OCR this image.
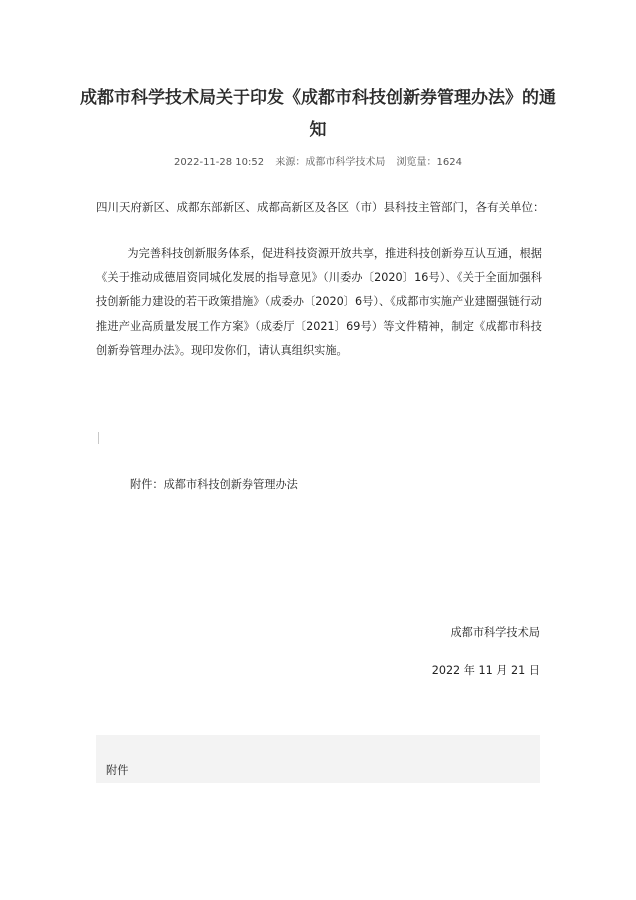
成都市科学技术局关于印发《成都市科技创新券管理办法》的通知
2022-11-28 10:52 来源：成都市科学技术局 浏览量：1624
四川天府新区、成都东部新区、成都高新区及各区（市）县科技主管部门，各有关单位：

为完善科技创新服务体系，促进科技资源开放共享，推进科技创新券互认互通，根据《关于推动成德眉资同城化发展的指导意见》（川委办〔2020〕16号）、《关于全面加强科技创新能力建设的若干政策措施》（成委办〔2020〕6号）、《成都市实施产业建圈强链行动推进产业高质量发展工作方案》（成委厅〔2021〕69号）等文件精神，制定《成都市科技创新券管理办法》。现印发你们，请认真组织实施。

附件：成都市科技创新券管理办法
成都市科学技术局
2022 年 11 月 21 日
附件
